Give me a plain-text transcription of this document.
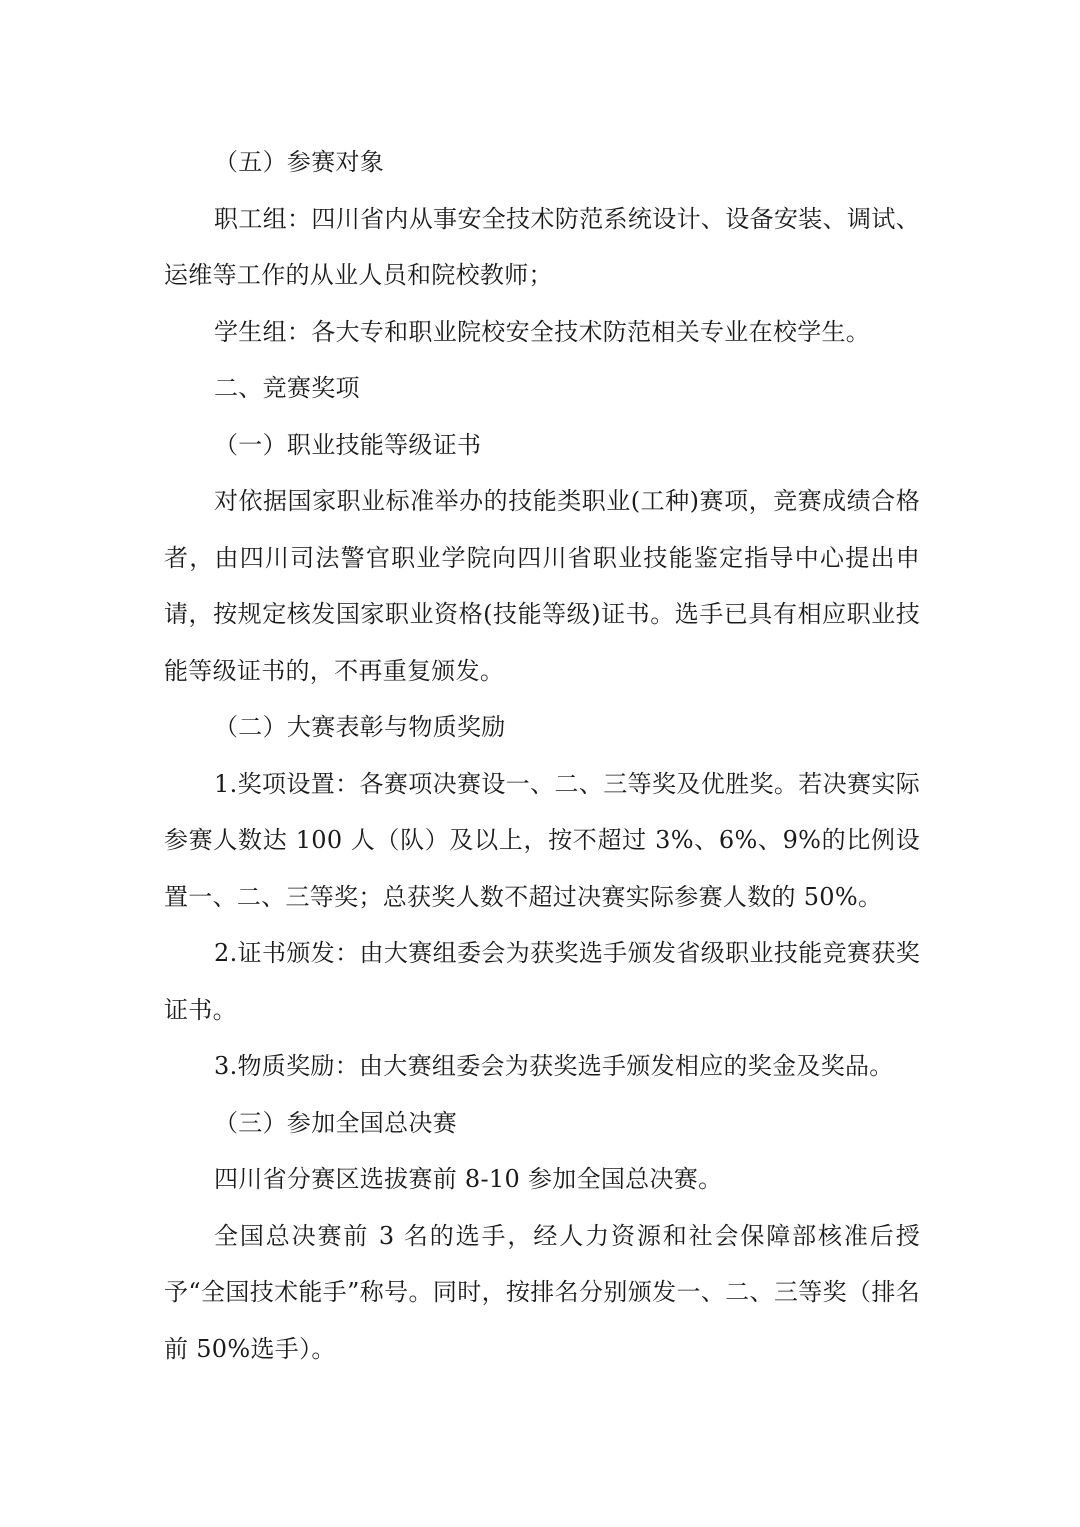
（五）参赛对象

职工组：四川省内从事安全技术防范系统设计、设备安装、调试、运维等工作的从业人员和院校教师；

学生组：各大专和职业院校安全技术防范相关专业在校学生。

二、竞赛奖项

（一）职业技能等级证书

对依据国家职业标准举办的技能类职业(工种)赛项，竞赛成绩合格者，由四川司法警官职业学院向四川省职业技能鉴定指导中心提出申请，按规定核发国家职业资格(技能等级)证书。选手已具有相应职业技能等级证书的，不再重复颁发。

（二）大赛表彰与物质奖励

1.奖项设置：各赛项决赛设一、二、三等奖及优胜奖。若决赛实际参赛人数达 100 人（队）及以上，按不超过 3%、6%、9%的比例设置一、二、三等奖；总获奖人数不超过决赛实际参赛人数的 50%。

2.证书颁发：由大赛组委会为获奖选手颁发省级职业技能竞赛获奖证书。

3.物质奖励：由大赛组委会为获奖选手颁发相应的奖金及奖品。

（三）参加全国总决赛

四川省分赛区选拔赛前 8-10 参加全国总决赛。

全国总决赛前 3 名的选手，经人力资源和社会保障部核准后授予“全国技术能手”称号。同时，按排名分别颁发一、二、三等奖（排名前 50%选手）。
